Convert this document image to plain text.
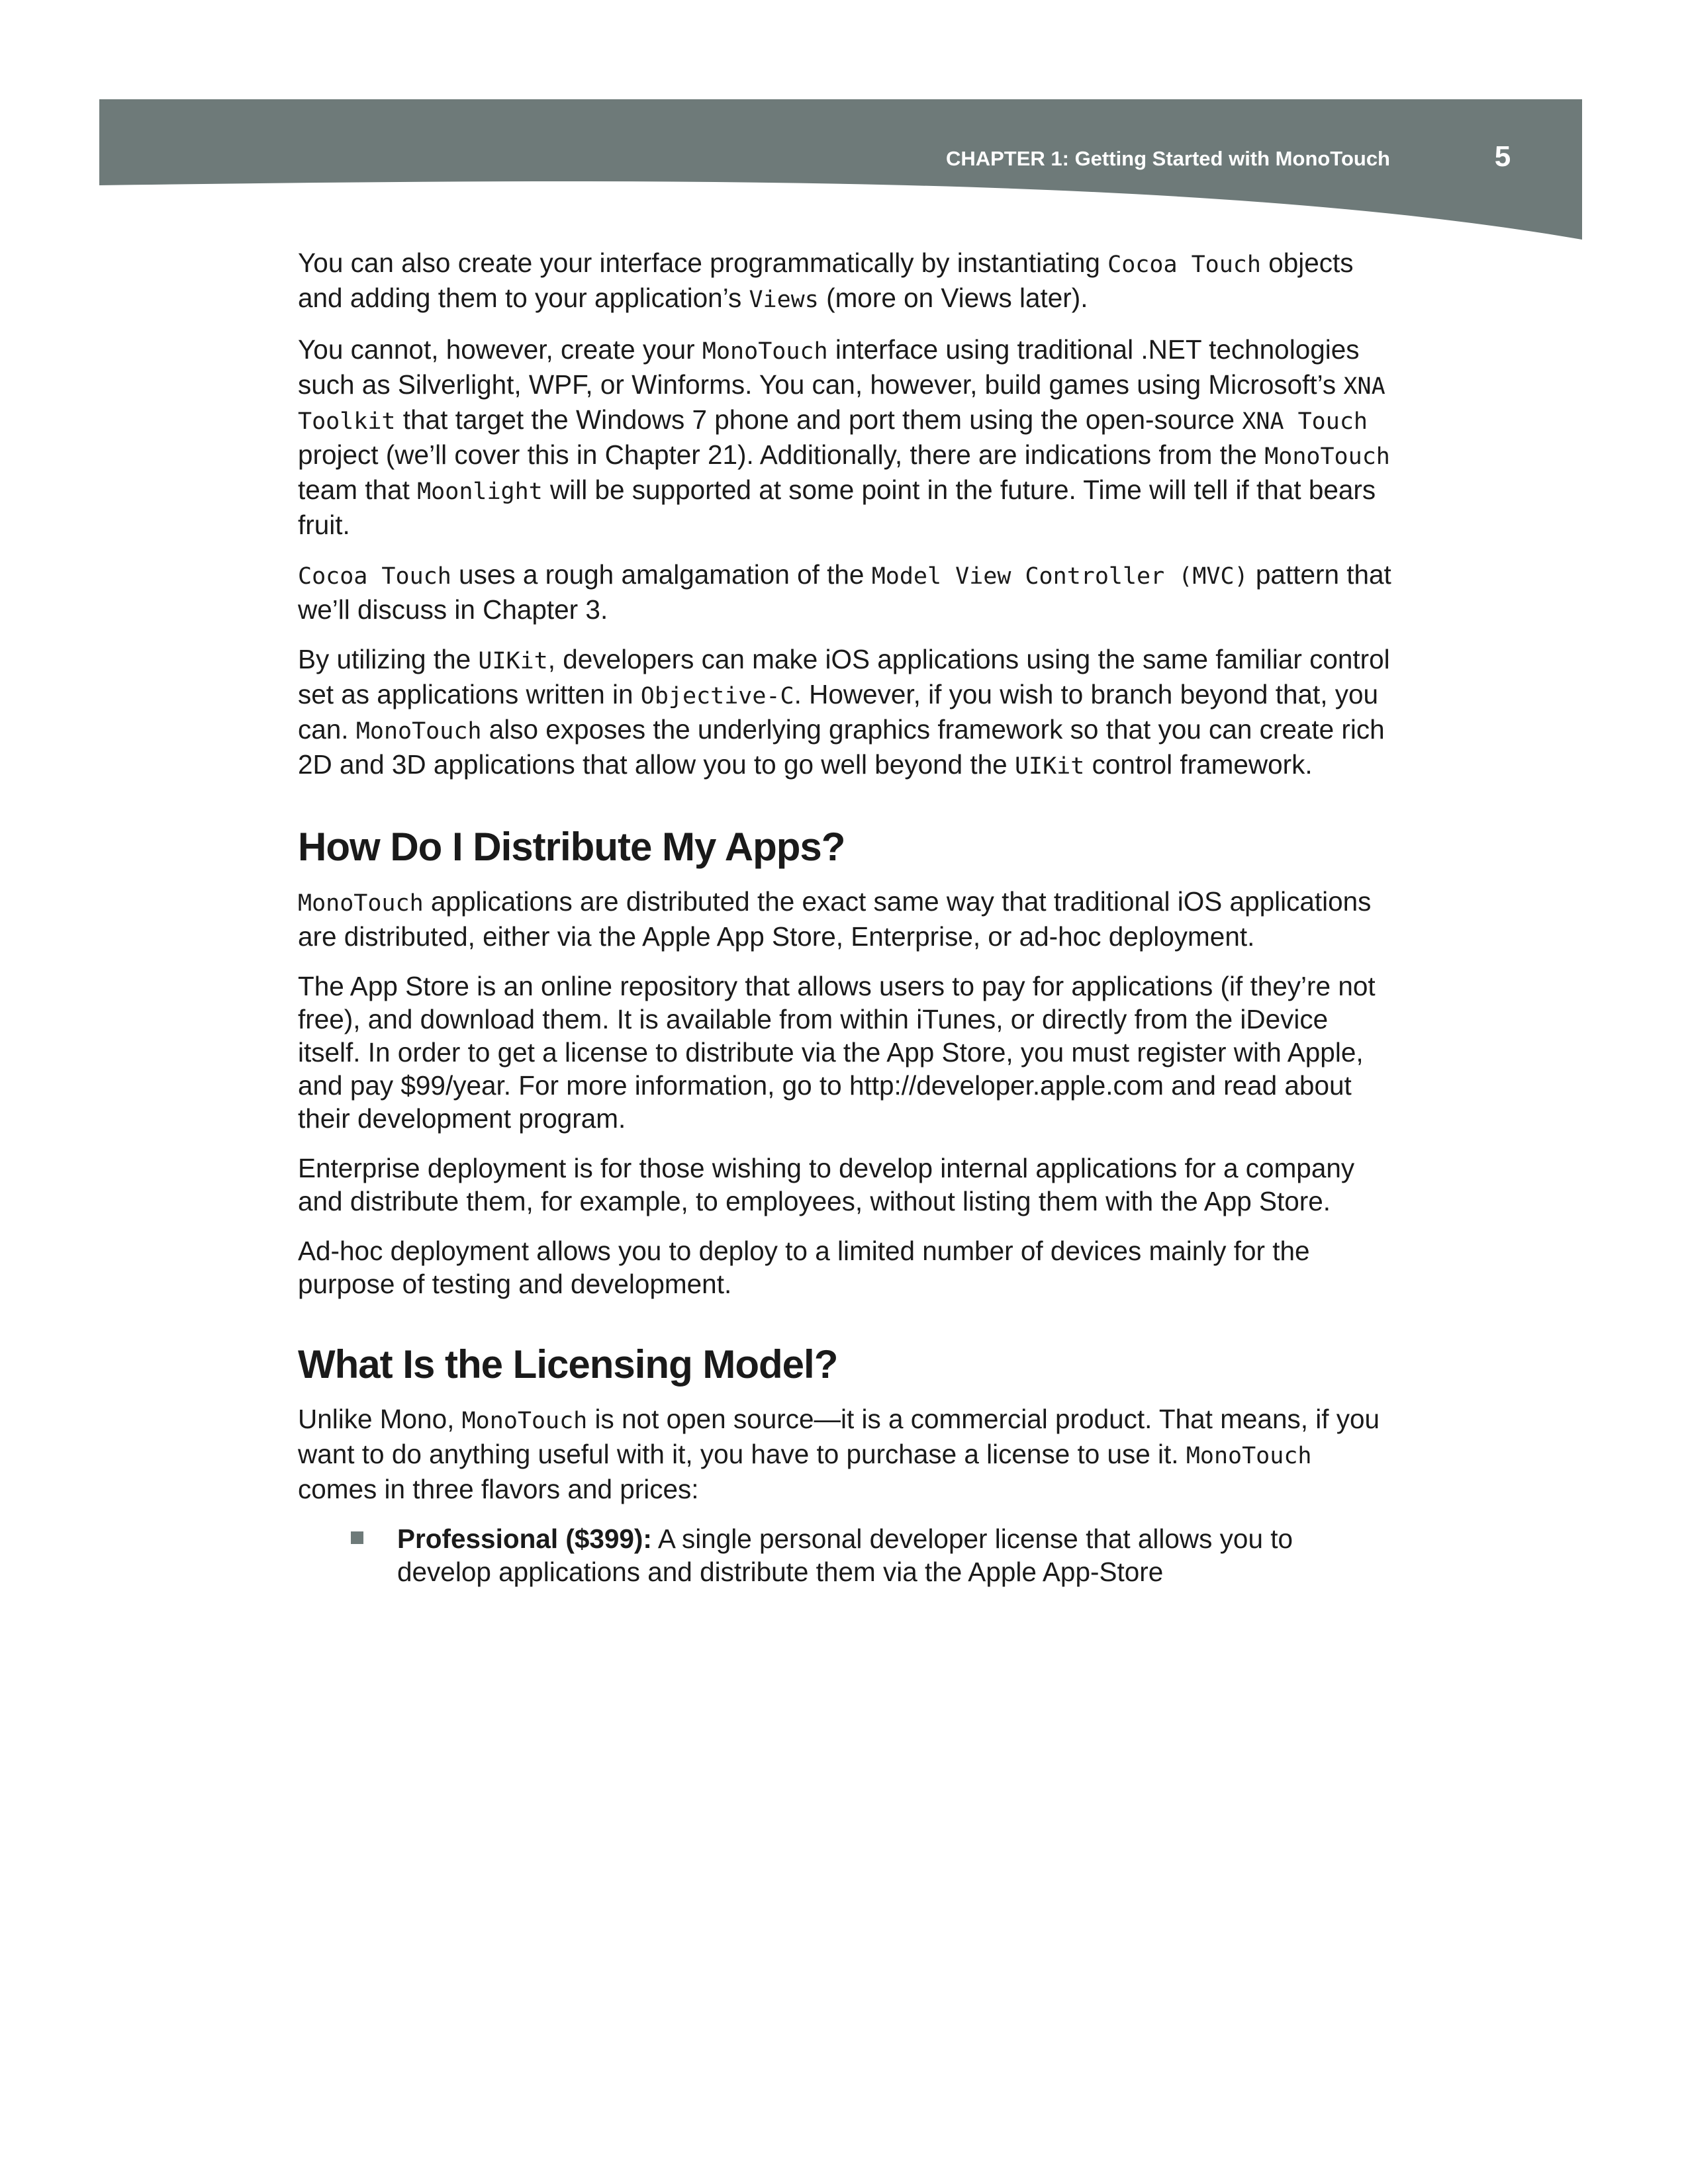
CHAPTER 1: Getting Started with MonoTouch	5

You can also create your interface programmatically by instantiating Cocoa Touch objects and adding them to your application’s Views (more on Views later).

You cannot, however, create your MonoTouch interface using traditional .NET technologies such as Silverlight, WPF, or Winforms. You can, however, build games using Microsoft’s XNA Toolkit that target the Windows 7 phone and port them using the open-source XNA Touch project (we’ll cover this in Chapter 21). Additionally, there are indications from the MonoTouch team that Moonlight will be supported at some point in the future. Time will tell if that bears fruit.

Cocoa Touch uses a rough amalgamation of the Model View Controller (MVC) pattern that we’ll discuss in Chapter 3.

By utilizing the UIKit, developers can make iOS applications using the same familiar control set as applications written in Objective-C. However, if you wish to branch beyond that, you can. MonoTouch also exposes the underlying graphics framework so that you can create rich 2D and 3D applications that allow you to go well beyond the UIKit control framework.

How Do I Distribute My Apps?

MonoTouch applications are distributed the exact same way that traditional iOS applications are distributed, either via the Apple App Store, Enterprise, or ad-hoc deployment.

The App Store is an online repository that allows users to pay for applications (if they’re not free), and download them. It is available from within iTunes, or directly from the iDevice itself. In order to get a license to distribute via the App Store, you must register with Apple, and pay $99/year. For more information, go to http://developer.apple.com and read about their development program.

Enterprise deployment is for those wishing to develop internal applications for a company and distribute them, for example, to employees, without listing them with the App Store.

Ad-hoc deployment allows you to deploy to a limited number of devices mainly for the purpose of testing and development.

What Is the Licensing Model?

Unlike Mono, MonoTouch is not open source—it is a commercial product. That means, if you want to do anything useful with it, you have to purchase a license to use it. MonoTouch comes in three flavors and prices:

Professional ($399): A single personal developer license that allows you to develop applications and distribute them via the Apple App-Store
